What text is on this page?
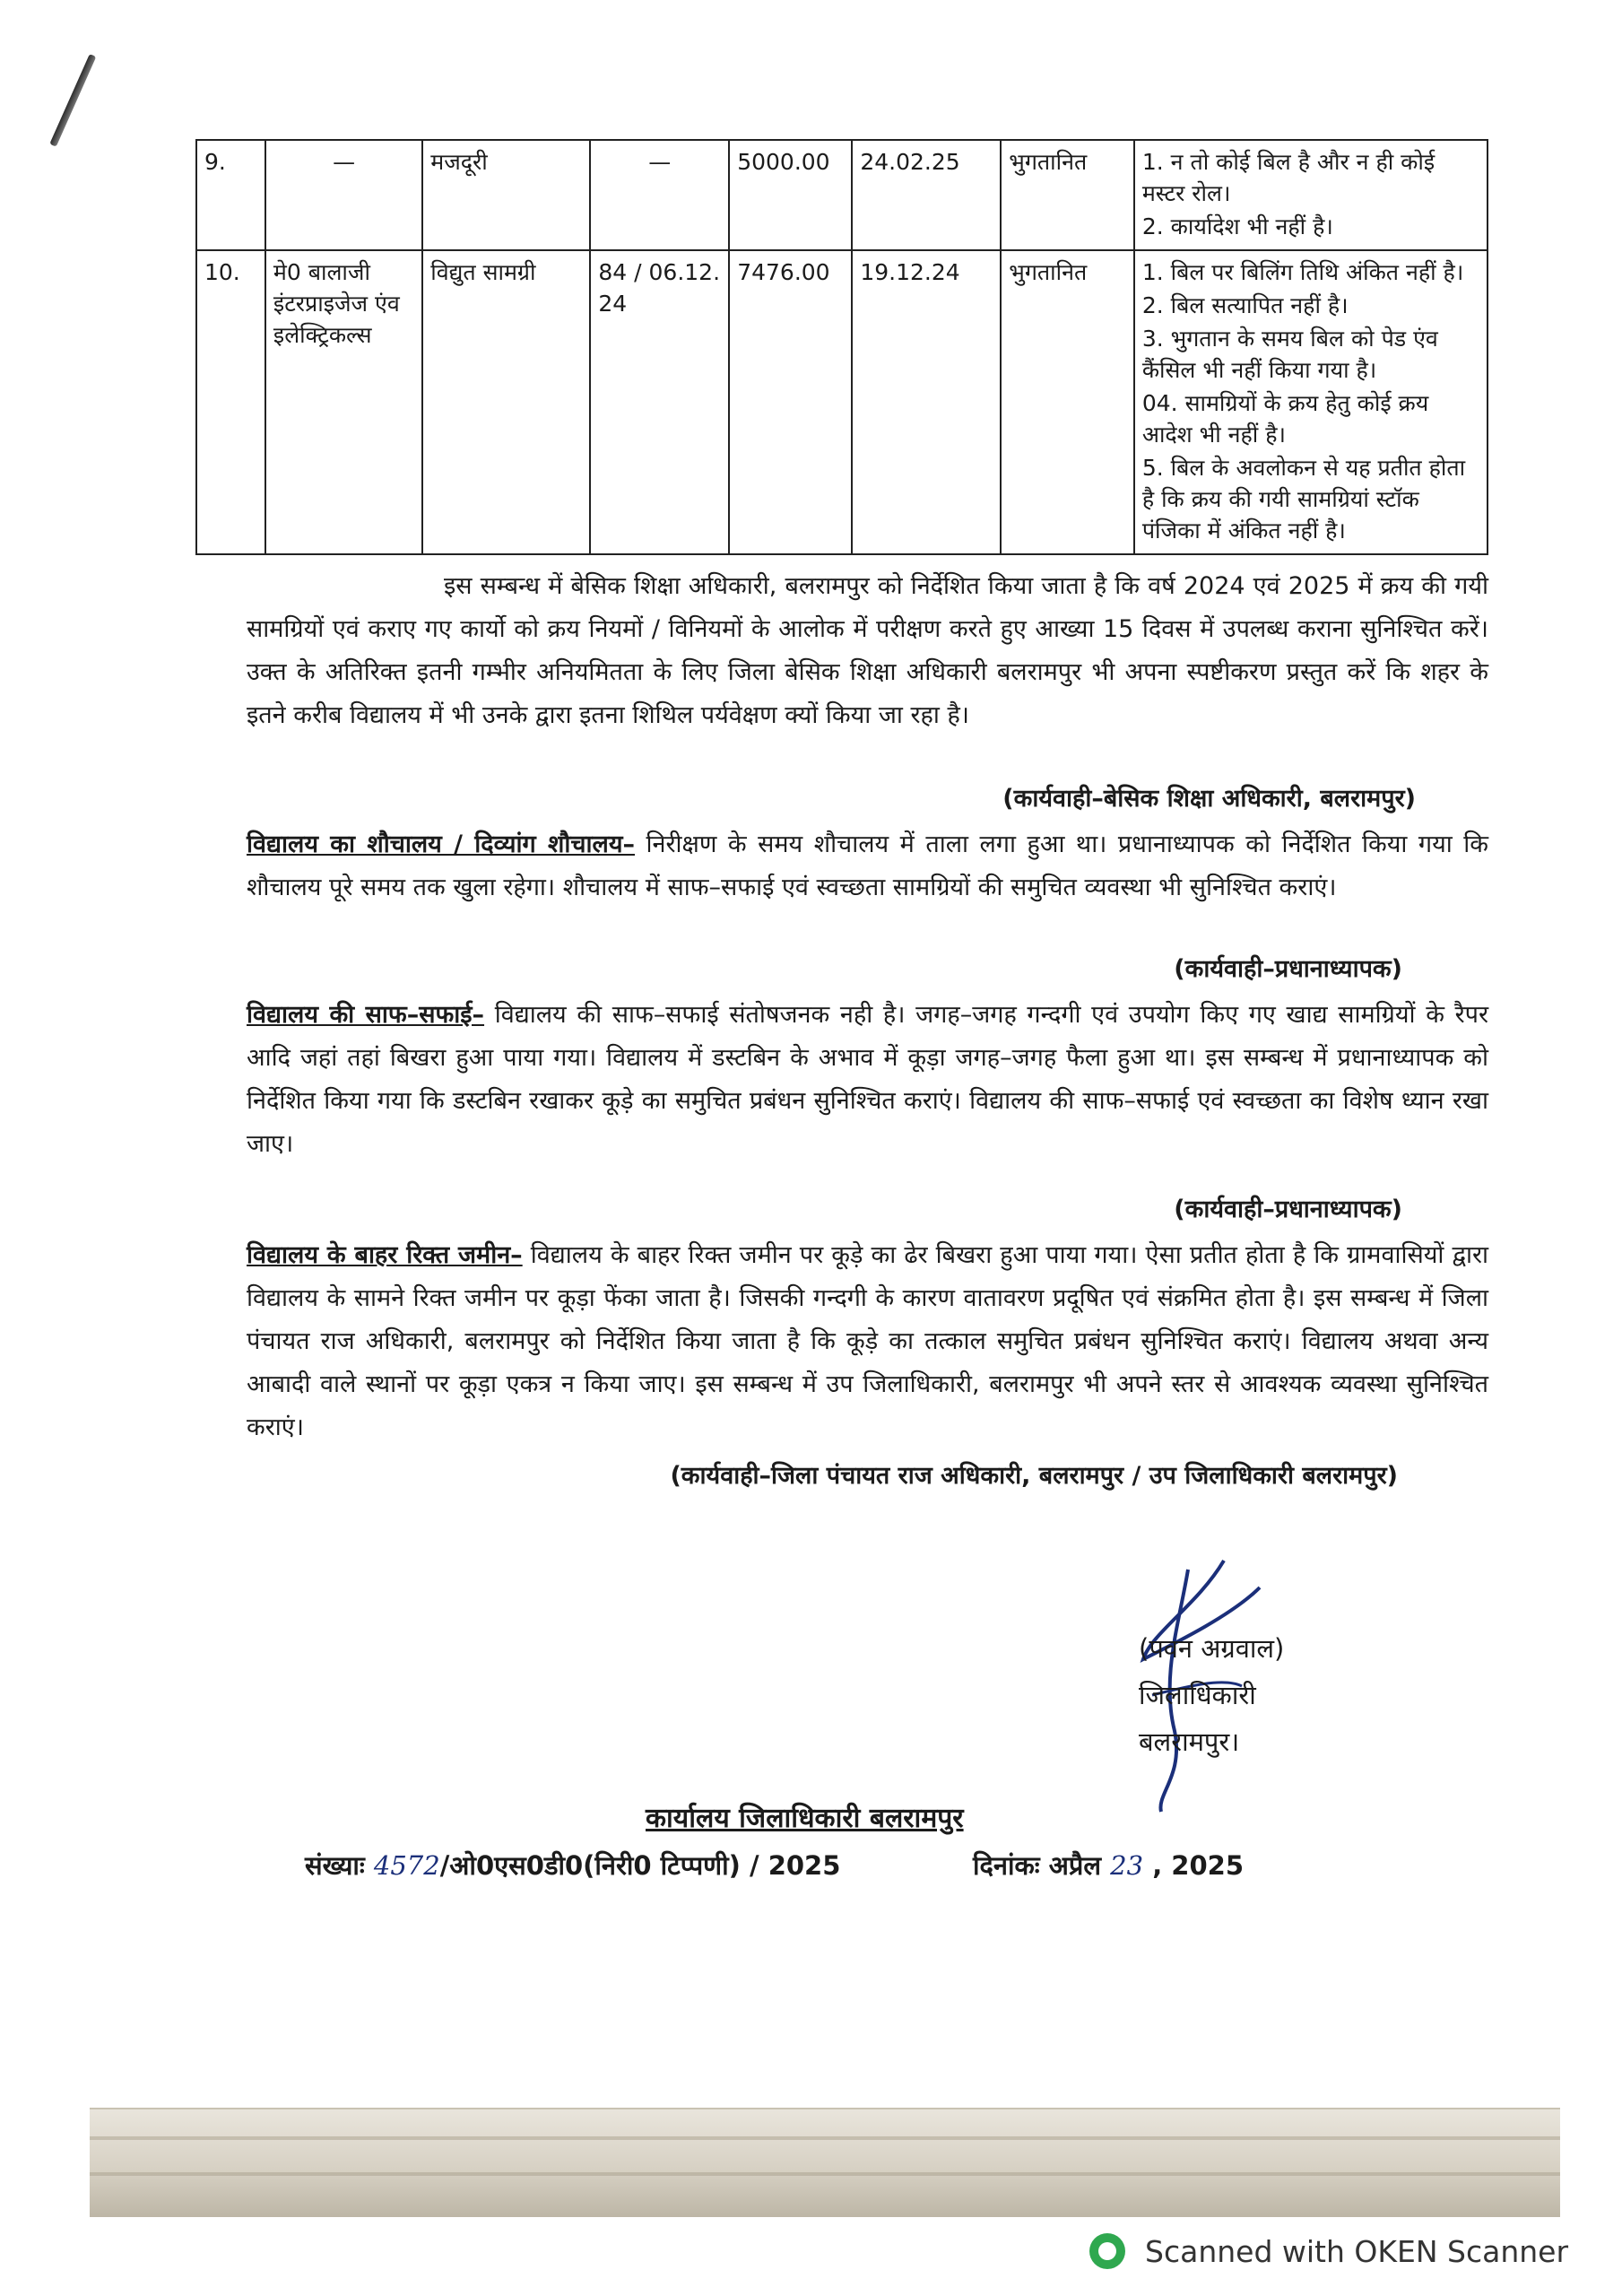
9.	—	मजदूरी	—	5000.00	24.02.25	भुगतानित	1. न तो कोई बिल है और न ही कोई मस्टर रोल।
2. कार्यादेश भी नहीं है।

10.	मे0 बालाजी इंटरप्राइजेज एंव इलेक्ट्रिकल्स	विद्युत सामग्री	84 / 06.12. 24	7476.00	19.12.24	भुगतानित	1. बिल पर बिलिंग तिथि अंकित नहीं है।
2. बिल सत्यापित नहीं है।
3. भुगतान के समय बिल को पेड एंव कैंसिल भी नहीं किया गया है।
04. सामग्रियों के क्रय हेतु कोई क्रय आदेश भी नहीं है।
5. बिल के अवलोकन से यह प्रतीत होता है कि क्रय की गयी सामग्रियां स्टॉक पंजिका में अंकित नहीं है।
इस सम्बन्ध में बेसिक शिक्षा अधिकारी, बलरामपुर को निर्देशित किया जाता है कि वर्ष 2024 एवं 2025 में क्रय की गयी सामग्रियों एवं कराए गए कार्यो को क्रय नियमों / विनियमों के आलोक में परीक्षण करते हुए आख्या 15 दिवस में उपलब्ध कराना सुनिश्चित करें। उक्त के अतिरिक्त इतनी गम्भीर अनियमितता के लिए जिला बेसिक शिक्षा अधिकारी बलरामपुर भी अपना स्पष्टीकरण प्रस्तुत करें कि शहर के इतने करीब विद्यालय में भी उनके द्वारा इतना शिथिल पर्यवेक्षण क्यों किया जा रहा है।
(कार्यवाही–बेसिक शिक्षा अधिकारी, बलरामपुर)
विद्यालय का शौचालय / दिव्यांग शौचालय– निरीक्षण के समय शौचालय में ताला लगा हुआ था। प्रधानाध्यापक को निर्देशित किया गया कि शौचालय पूरे समय तक खुला रहेगा। शौचालय में साफ–सफाई एवं स्वच्छता सामग्रियों की समुचित व्यवस्था भी सुनिश्चित कराएं।
(कार्यवाही–प्रधानाध्यापक)
विद्यालय की साफ–सफाई– विद्यालय की साफ–सफाई संतोषजनक नही है। जगह–जगह गन्दगी एवं उपयोग किए गए खाद्य सामग्रियों के रैपर आदि जहां तहां बिखरा हुआ पाया गया। विद्यालय में डस्टबिन के अभाव में कूड़ा जगह–जगह फैला हुआ था। इस सम्बन्ध में प्रधानाध्यापक को निर्देशित किया गया कि डस्टबिन रखाकर कूड़े का समुचित प्रबंधन सुनिश्चित कराएं। विद्यालय की साफ–सफाई एवं स्वच्छता का विशेष ध्यान रखा जाए।
(कार्यवाही–प्रधानाध्यापक)
विद्यालय के बाहर रिक्त जमीन– विद्यालय के बाहर रिक्त जमीन पर कूड़े का ढेर बिखरा हुआ पाया गया। ऐसा प्रतीत होता है कि ग्रामवासियों द्वारा विद्यालय के सामने रिक्त जमीन पर कूड़ा फेंका जाता है। जिसकी गन्दगी के कारण वातावरण प्रदूषित एवं संक्रमित होता है। इस सम्बन्ध में जिला पंचायत राज अधिकारी, बलरामपुर को निर्देशित किया जाता है कि कूड़े का तत्काल समुचित प्रबंधन सुनिश्चित कराएं। विद्यालय अथवा अन्य आबादी वाले स्थानों पर कूड़ा एकत्र न किया जाए। इस सम्बन्ध में उप जिलाधिकारी, बलरामपुर भी अपने स्तर से आवश्यक व्यवस्था सुनिश्चित कराएं।
(कार्यवाही–जिला पंचायत राज अधिकारी, बलरामपुर / उप जिलाधिकारी बलरामपुर)
(पवन अग्रवाल)
जिलाधिकारी
बलरामपुर।
कार्यालय जिलाधिकारी बलरामपुर
संख्याः 4572/ओ0एस0डी0(निरी0 टिप्पणी) / 2025	दिनांकः अप्रैल 23 , 2025
Scanned with OKEN Scanner
